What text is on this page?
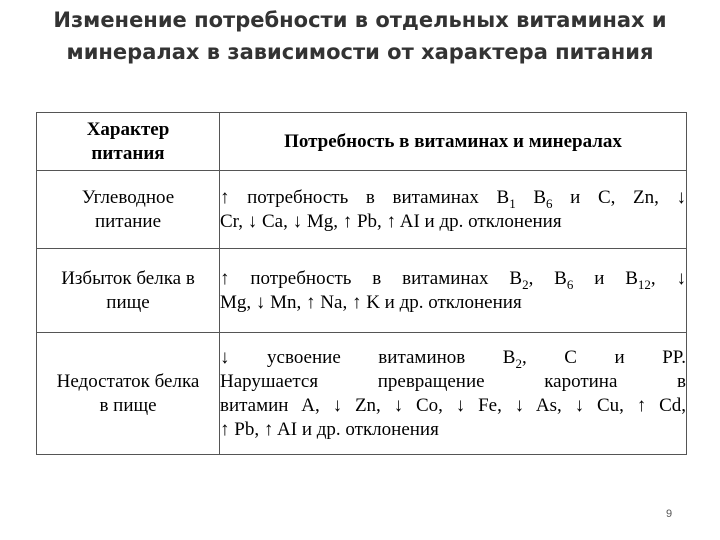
Изменение потребности в отдельных витаминах и
минералах в зависимости от характера питания
Характер
питания	Потребность в витаминах и минералах

Углеводное
питание	↑ потребность в витаминах $B_1$ $B_6$ и C, Zn, ↓
Cr, ↓ Ca, ↓ Mg, ↑ Pb, ↑ AI и др. отклонения

Избыток белка в
пище	↑ потребность в витаминах $B_2$, $B_6$ и $B_{12}$, ↓
Mg, ↓ Mn, ↑ Na, ↑ K и др. отклонения

Недостаток белка
в пище	↓ усвоение витаминов $B_2$, C и PP.
Нарушается превращение каротина в
витамин A, ↓ Zn, ↓ Co, ↓ Fe, ↓ As, ↓ Cu, ↑ Cd,
↑ Pb, ↑ AI и др. отклонения
9
